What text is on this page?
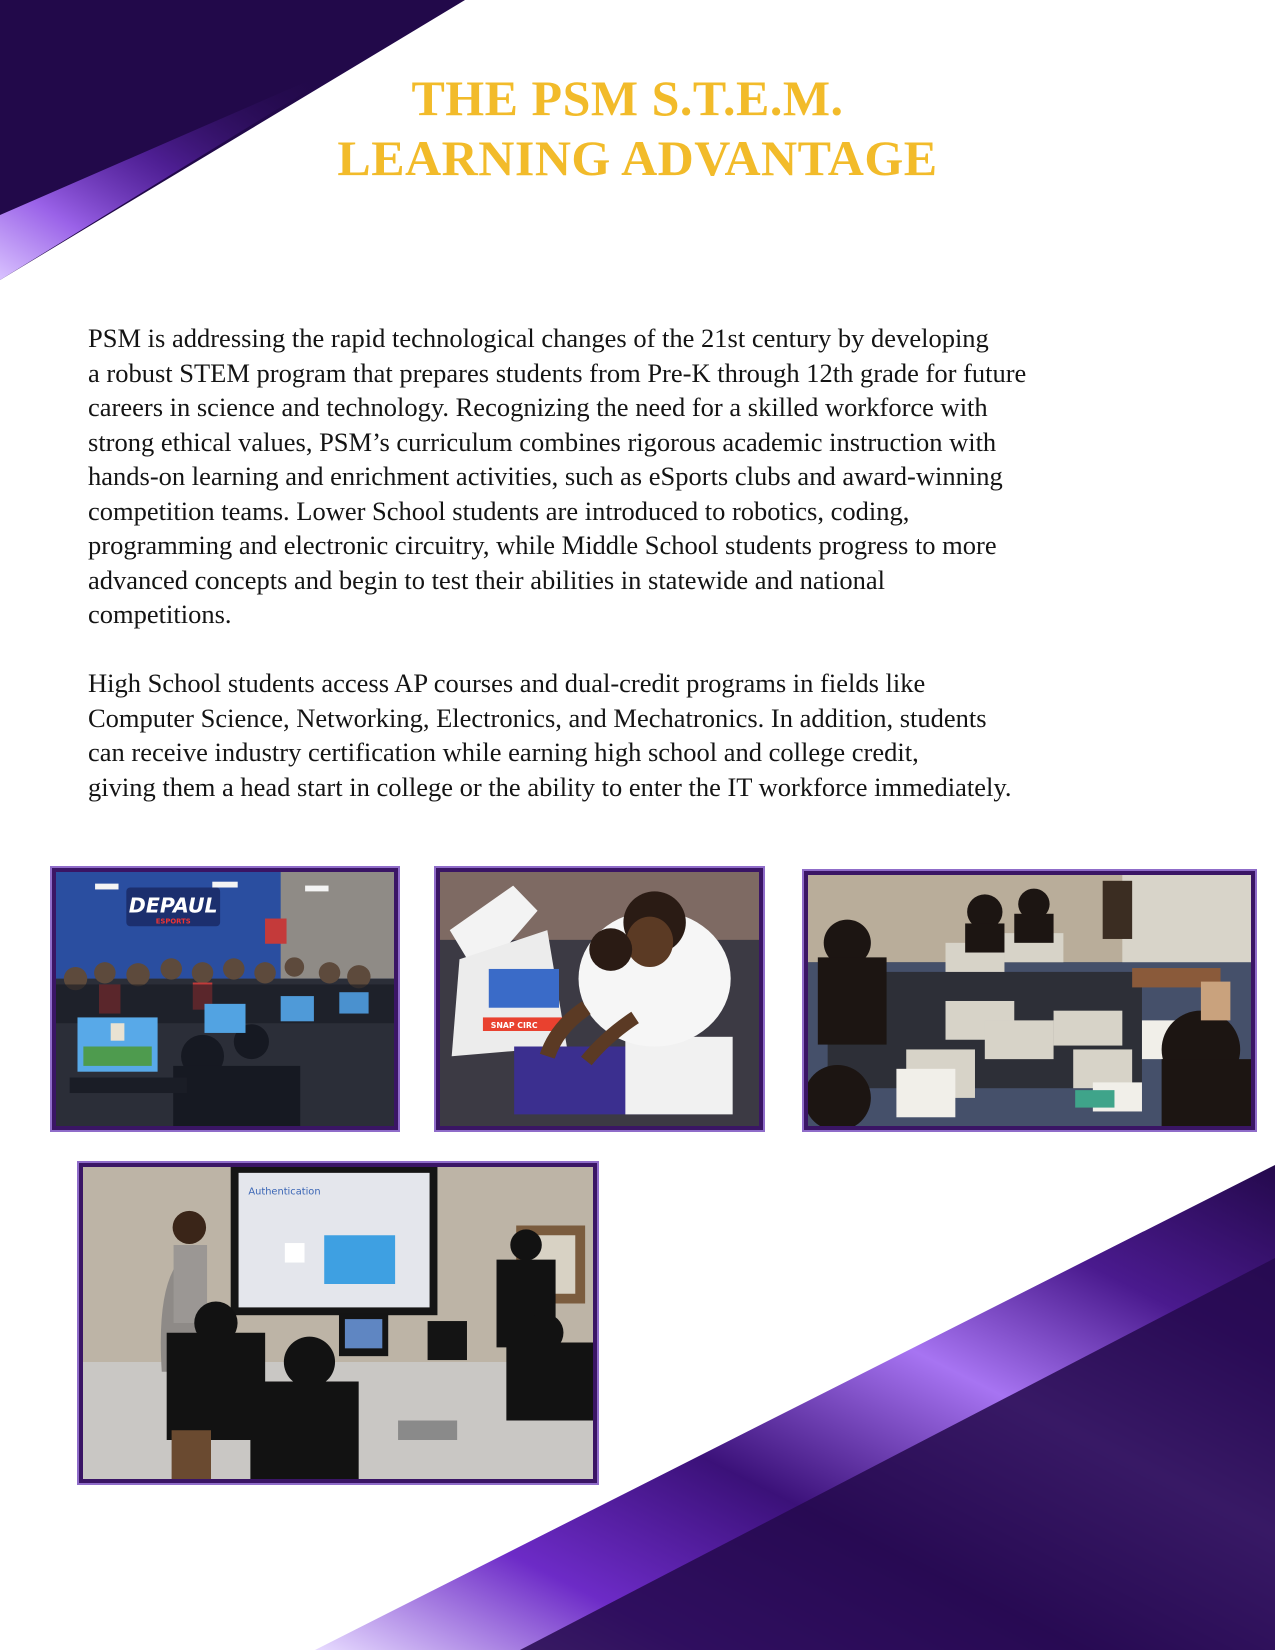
THE PSM S.T.E.M.
LEARNING ADVANTAGE
PSM is addressing the rapid technological changes of the 21st century by developing
a robust STEM program that prepares students from Pre-K through 12th grade for future
careers in science and technology. Recognizing the need for a skilled workforce with
strong ethical values, PSM’s curriculum combines rigorous academic instruction with
hands-on learning and enrichment activities, such as eSports clubs and award-winning
competition teams. Lower School students are introduced to robotics, coding,
programming and electronic circuitry, while Middle School students progress to more
advanced concepts and begin to test their abilities in statewide and national
competitions.
High School students access AP courses and dual-credit programs in fields like
Computer Science, Networking, Electronics, and Mechatronics. In addition, students
can receive industry certification while earning high school and college credit,
giving them a head start in college or the ability to enter the IT workforce immediately.
DEPAUL
ESPORTS
SNAP CIRC
Authentication
